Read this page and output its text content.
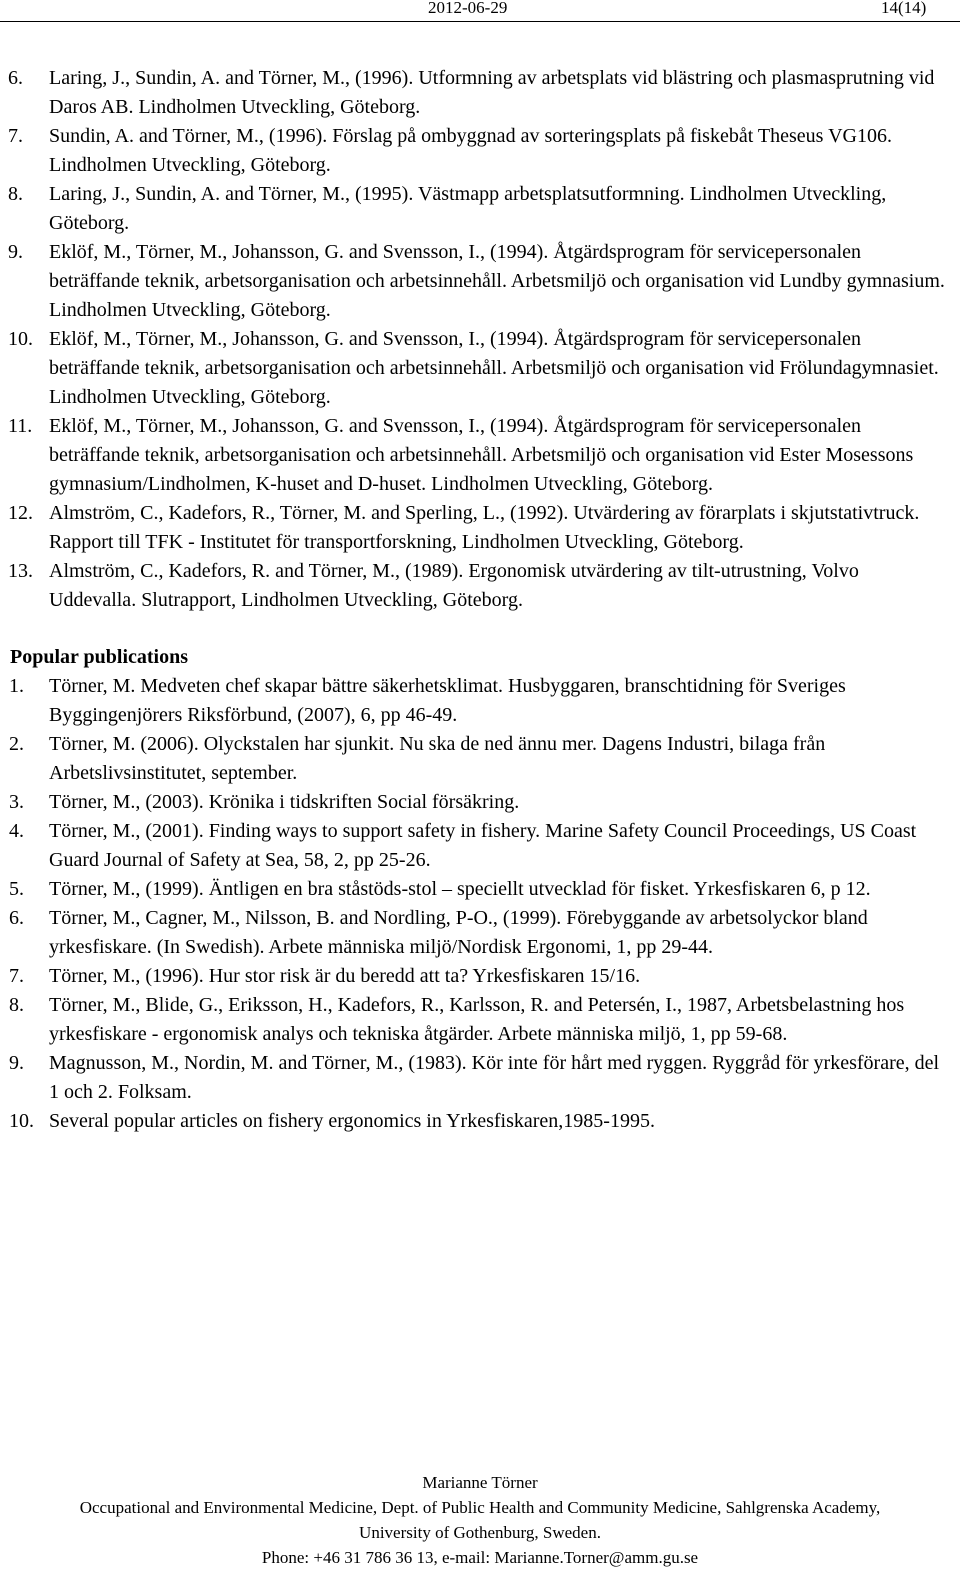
2012-06-29	14(14)
6. Laring, J., Sundin, A. and Törner, M., (1996). Utformning av arbetsplats vid blästring och plasmasprutning vid Daros AB. Lindholmen Utveckling, Göteborg.
7. Sundin, A. and Törner, M., (1996). Förslag på ombyggnad av sorteringsplats på fiskebåt Theseus VG106. Lindholmen Utveckling, Göteborg.
8. Laring, J., Sundin, A. and Törner, M., (1995). Västmapp arbetsplatsutformning. Lindholmen Utveckling, Göteborg.
9. Eklöf, M., Törner, M., Johansson, G. and Svensson, I., (1994). Åtgärdsprogram för servicepersonalen beträffande teknik, arbetsorganisation och arbetsinnehåll. Arbetsmiljö och organisation vid Lundby gymnasium. Lindholmen Utveckling, Göteborg.
10. Eklöf, M., Törner, M., Johansson, G. and Svensson, I., (1994). Åtgärdsprogram för servicepersonalen beträffande teknik, arbetsorganisation och arbetsinnehåll. Arbetsmiljö och organisation vid Frölundagymnasiet. Lindholmen Utveckling, Göteborg.
11. Eklöf, M., Törner, M., Johansson, G. and Svensson, I., (1994). Åtgärdsprogram för servicepersonalen beträffande teknik, arbetsorganisation och arbetsinnehåll. Arbetsmiljö och organisation vid Ester Mosessons gymnasium/Lindholmen, K-huset and D-huset. Lindholmen Utveckling, Göteborg.
12. Almström, C., Kadefors, R., Törner, M. and Sperling, L., (1992). Utvärdering av förarplats i skjutstativtruck. Rapport till TFK - Institutet för transportforskning, Lindholmen Utveckling, Göteborg.
13. Almström, C., Kadefors, R. and Törner, M., (1989). Ergonomisk utvärdering av tilt-utrustning, Volvo Uddevalla. Slutrapport, Lindholmen Utveckling, Göteborg.
Popular publications
1. Törner, M. Medveten chef skapar bättre säkerhetsklimat. Husbyggaren, branschtidning för Sveriges Byggingenjörers Riksförbund, (2007), 6, pp 46-49.
2. Törner, M. (2006). Olyckstalen har sjunkit. Nu ska de ned ännu mer. Dagens Industri, bilaga från Arbetslivsinstitutet, september.
3. Törner, M., (2003). Krönika i tidskriften Social försäkring.
4. Törner, M., (2001). Finding ways to support safety in fishery. Marine Safety Council Proceedings, US Coast Guard Journal of Safety at Sea, 58, 2, pp 25-26.
5. Törner, M., (1999). Äntligen en bra ståstöds-stol – speciellt utvecklad för fisket. Yrkesfiskaren 6, p 12.
6. Törner, M., Cagner, M., Nilsson, B. and Nordling, P-O., (1999). Förebyggande av arbetsolyckor bland yrkesfiskare. (In Swedish). Arbete människa miljö/Nordisk Ergonomi, 1, pp 29-44.
7. Törner, M., (1996). Hur stor risk är du beredd att ta? Yrkesfiskaren 15/16.
8. Törner, M., Blide, G., Eriksson, H., Kadefors, R., Karlsson, R. and Petersén, I., 1987, Arbetsbelastning hos yrkesfiskare - ergonomisk analys och tekniska åtgärder. Arbete människa miljö, 1, pp 59-68.
9. Magnusson, M., Nordin, M. and Törner, M., (1983). Kör inte för hårt med ryggen. Ryggråd för yrkesförare, del 1 och 2. Folksam.
10. Several popular articles on fishery ergonomics in Yrkesfiskaren,1985-1995.
Marianne Törner
Occupational and Environmental Medicine, Dept. of Public Health and Community Medicine, Sahlgrenska Academy,
University of Gothenburg, Sweden.
Phone: +46 31 786 36 13, e-mail: Marianne.Torner@amm.gu.se
